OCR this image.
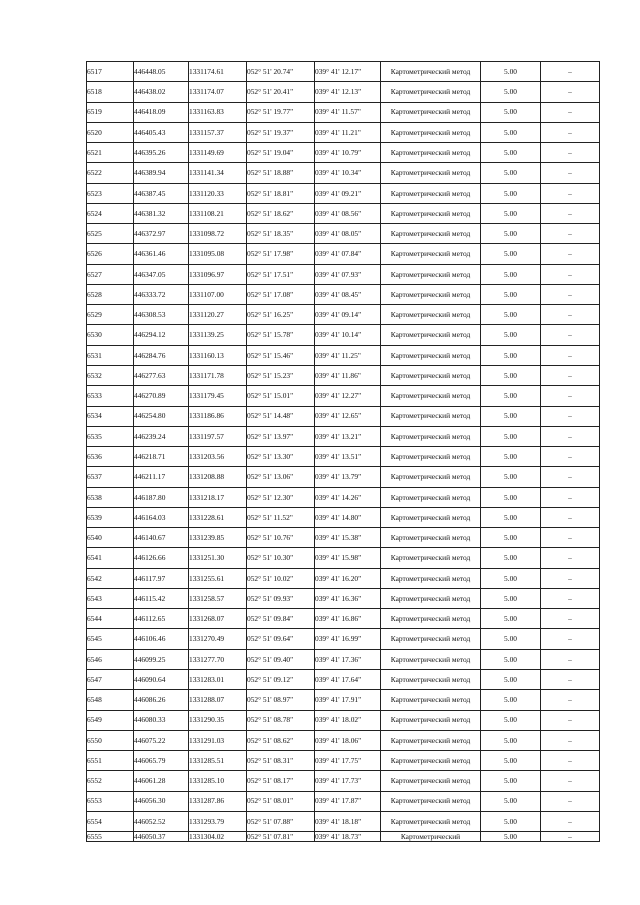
6517	446448.05	1331174.61	052° 51' 20.74"	039° 41' 12.17"	Картометрический метод	5.00	–
6518	446438.02	1331174.07	052° 51' 20.41"	039° 41' 12.13"	Картометрический метод	5.00	–
6519	446418.09	1331163.83	052° 51' 19.77"	039° 41' 11.57"	Картометрический метод	5.00	–
6520	446405.43	1331157.37	052° 51' 19.37"	039° 41' 11.21"	Картометрический метод	5.00	–
6521	446395.26	1331149.69	052° 51' 19.04"	039° 41' 10.79"	Картометрический метод	5.00	–
6522	446389.94	1331141.34	052° 51' 18.88"	039° 41' 10.34"	Картометрический метод	5.00	–
6523	446387.45	1331120.33	052° 51' 18.81"	039° 41' 09.21"	Картометрический метод	5.00	–
6524	446381.32	1331108.21	052° 51' 18.62"	039° 41' 08.56"	Картометрический метод	5.00	–
6525	446372.97	1331098.72	052° 51' 18.35"	039° 41' 08.05"	Картометрический метод	5.00	–
6526	446361.46	1331095.08	052° 51' 17.98"	039° 41' 07.84"	Картометрический метод	5.00	–
6527	446347.05	1331096.97	052° 51' 17.51"	039° 41' 07.93"	Картометрический метод	5.00	–
6528	446333.72	1331107.00	052° 51' 17.08"	039° 41' 08.45"	Картометрический метод	5.00	–
6529	446308.53	1331120.27	052° 51' 16.25"	039° 41' 09.14"	Картометрический метод	5.00	–
6530	446294.12	1331139.25	052° 51' 15.78"	039° 41' 10.14"	Картометрический метод	5.00	–
6531	446284.76	1331160.13	052° 51' 15.46"	039° 41' 11.25"	Картометрический метод	5.00	–
6532	446277.63	1331171.78	052° 51' 15.23"	039° 41' 11.86"	Картометрический метод	5.00	–
6533	446270.89	1331179.45	052° 51' 15.01"	039° 41' 12.27"	Картометрический метод	5.00	–
6534	446254.80	1331186.86	052° 51' 14.48"	039° 41' 12.65"	Картометрический метод	5.00	–
6535	446239.24	1331197.57	052° 51' 13.97"	039° 41' 13.21"	Картометрический метод	5.00	–
6536	446218.71	1331203.56	052° 51' 13.30"	039° 41' 13.51"	Картометрический метод	5.00	–
6537	446211.17	1331208.88	052° 51' 13.06"	039° 41' 13.79"	Картометрический метод	5.00	–
6538	446187.80	1331218.17	052° 51' 12.30"	039° 41' 14.26"	Картометрический метод	5.00	–
6539	446164.03	1331228.61	052° 51' 11.52"	039° 41' 14.80"	Картометрический метод	5.00	–
6540	446140.67	1331239.85	052° 51' 10.76"	039° 41' 15.38"	Картометрический метод	5.00	–
6541	446126.66	1331251.30	052° 51' 10.30"	039° 41' 15.98"	Картометрический метод	5.00	–
6542	446117.97	1331255.61	052° 51' 10.02"	039° 41' 16.20"	Картометрический метод	5.00	–
6543	446115.42	1331258.57	052° 51' 09.93"	039° 41' 16.36"	Картометрический метод	5.00	–
6544	446112.65	1331268.07	052° 51' 09.84"	039° 41' 16.86"	Картометрический метод	5.00	–
6545	446106.46	1331270.49	052° 51' 09.64"	039° 41' 16.99"	Картометрический метод	5.00	–
6546	446099.25	1331277.70	052° 51' 09.40"	039° 41' 17.36"	Картометрический метод	5.00	–
6547	446090.64	1331283.01	052° 51' 09.12"	039° 41' 17.64"	Картометрический метод	5.00	–
6548	446086.26	1331288.07	052° 51' 08.97"	039° 41' 17.91"	Картометрический метод	5.00	–
6549	446080.33	1331290.35	052° 51' 08.78"	039° 41' 18.02"	Картометрический метод	5.00	–
6550	446075.22	1331291.03	052° 51' 08.62"	039° 41' 18.06"	Картометрический метод	5.00	–
6551	446065.79	1331285.51	052° 51' 08.31"	039° 41' 17.75"	Картометрический метод	5.00	–
6552	446061.28	1331285.10	052° 51' 08.17"	039° 41' 17.73"	Картометрический метод	5.00	–
6553	446056.30	1331287.86	052° 51' 08.01"	039° 41' 17.87"	Картометрический метод	5.00	–
6554	446052.52	1331293.79	052° 51' 07.88"	039° 41' 18.18"	Картометрический метод	5.00	–
6555	446050.37	1331304.02	052° 51' 07.81"	039° 41' 18.73"	Картометрический	5.00	–
